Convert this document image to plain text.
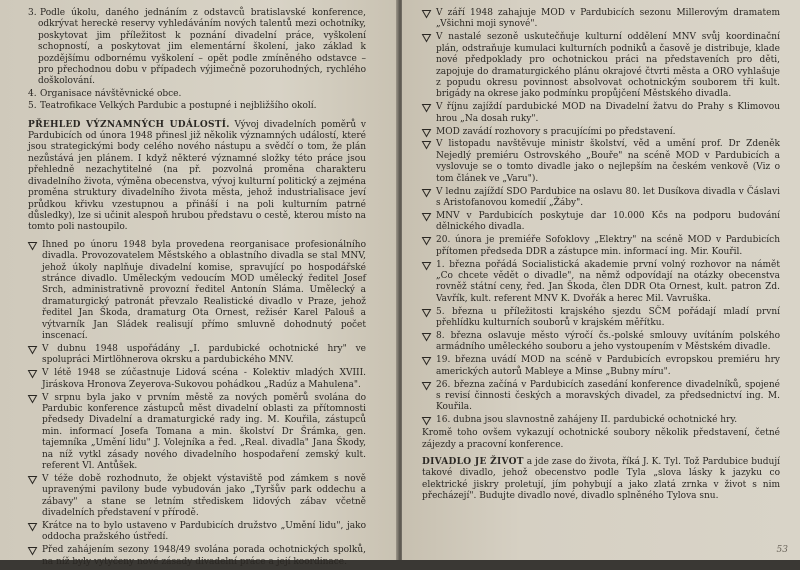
3. Podle úkolu, daného jednáním z odstavců bratislavské konference, odkrývat hereckė reservy vyhledáváním nových talentů mezi ochotníky, poskytovat jim příležitost k poznání divadelní práce, vyškolení schopností, a poskytovat jim elementární školení, jako základ k pozdějšímu odbornému vyškolení – opět podle zmíněného odstavce – pro přechodnou dobu v případech výjimečně pozoruhodných, rychlého doškolování.

4. Organisace návštěvnické obce.

5. Teatrofikace Velkých Pardubic a postupné i nejbližšího okolí.

PŘEHLED VÝZNAMNÝCH UDÁLOSTÍ. Vývoj divadelních poměrů v Pardubicích od února 1948 přinesl již několik významných událostí, které jsou strategickými body celého nového nástupu a svědčí o tom, že plán nezůstává jen plánem. I když některé významné složky této práce jsou přehledně nezachytitelné (na př. pozvolná proměna charakteru divadelního života, výměna obecenstva, vývoj kulturní politický a zejména proměna struktury divadelního života města, jehož industrialisace jeví průdkou křivku vzestupnou a přináší i na poli kulturním patrné důsledky), lze si učinit alespoň hrubou představu o cestě, kterou místo na tomto poli nastoupilo.

Ihned po únoru 1948 byla provedena reorganisace profesionálního divadla. Provozovatelem Městského a oblastního divadla se stal MNV, jehož úkoly naplňuje divadelní komise, spravující po hospodářské stránce divadlo. Uměleckým vedoucím MOD umělecký ředitel Josef Srch, administrativně provozní ředitel Antonín Sláma. Umělecký a dramaturgický patronát převzalo Realistické divadlo v Praze, jehož ředitel Jan Škoda, dramaturg Ota Ornest, režisér Karel Palouš a výtvarník Jan Sládek realisují přímo smluvně dohodnutý počet inscenací.
V dubnu 1948 uspořádány „I. pardubické ochotnické hry" ve spolupráci Mirtlöhnerova okrsku a pardubického MNV.
V létě 1948 se zúčastnuje Lidová scéna - Kolektiv mladých XVIII. Jiráskova Hronova Zeyerova-Sukovou pohádkou „Radúz a Mahulena".
V srpnu byla jako v prvním městě za nových poměrů svolána do Pardubic konference zástupců měst divadelní oblasti za přítomnosti předsedy Divadelní a dramaturgické rady ing. M. Kouřila, zástupců min. informací Josefa Tomana a min. školství Dr Šrámka, gen. tajemníka „Umění lidu" J. Volejníka a řed. „Real. divadla" Jana Škody, na níž vytkl zásady nového divadelního hospodaření zemský kult. referent Vl. Antůšek.
V téže době rozhodnuto, že objekt výstaviště pod zámkem s nově upravenými pavilony bude vybudován jako „Tyršův park oddechu a zábavy" a stane se letním střediskem lidových zábav včetně divadelních představení v přírodě.
Krátce na to bylo ustaveno v Pardubicích družstvo „Umění lidu", jako oddocha pražského ústředí.
Před zahájením sezony 1948/49 svolána porada ochotnických spolků, na níž byly vytyčeny nové zásady divadelní práce a její koordinace.
V září 1948 zahajuje MOD v Pardubicích sezonu Millerovým dramatem „Všichni moji synové".
V nastalé sezoně uskutečňuje kulturní oddělení MNV svůj koordinační plán, odstraňuje kumulaci kulturních podniků a časově je distribuje, klade nové předpoklady pro ochotnickou práci na představeních pro děti, zapojuje do dramaturgického plánu okrajové čtvrti města a ORO vyhlašuje z popudu okresu povinnost absolvovat ochotnickým souborem tři kult. brigády na okrese jako podmínku propůjčení Městského divadla.
V říjnu zajíždí pardubické MOD na Divadelní žatvu do Prahy s Klimovou hrou „Na dosah ruky".
MOD zavádí rozhovory s pracujícími po představení.
V listopadu navštěvuje ministr školství, věd a umění prof. Dr Zdeněk Nejedlý premiéru Ostrovského „Bouře" na scéně MOD v Pardubicích a vyslovuje se o tomto divadle jako o nejlepším na českém venkově (Viz o tom článek ve „Varu").
V lednu zajíždí SDO Pardubice na oslavu 80. let Dusíkova divadla v Čáslavi s Aristofanovou komedií „Žáby".
MNV v Pardubicích poskytuje dar 10.000 Kčs na podporu budování dělnického divadla.
20. února je premiéře Sofoklovy „Elektry" na scéně MOD v Pardubicích přítomen předseda DDR a zástupce min. informací ing. Mir. Kouřil.
1. března pořádá Socialistická akademie první volný rozhovor na námět „Co chcete vědět o divadle", na němž odpovídají na otázky obecenstva rovněž státní ceny, řed. Jan Škoda, člen DDR Ota Ornest, kult. patron Zd. Vavřík, kult. referent MNV K. Dvořák a herec Mil. Vavruška.
5. března u příležitosti krajského sjezdu SČM pořádají mladí první přehlídku kulturních souborů v krajském měřítku.
8. března oslavuje město výročí čs.-polské smlouvy uvítáním polského armádního uměleckého souboru a jeho vystoupením v Městském divadle.
19. března uvádí MOD na scéně v Pardubicích evropskou premiéru hry amerických autorů Mableye a Minse „Bubny míru".
26. března začíná v Pardubicích zasedání konference divadelníků, spojené s revisí činnosti českých a moravských divadel, za předsednictví ing. M. Kouřila.
16. dubna jsou slavnostně zahájeny II. pardubické ochotnické hry.

Kromě toho ovšem vykazují ochotnické soubory několik představení, četné zájezdy a pracovní konference.

DIVADLO JE ŽIVOT a jde zase do života, říká J. K. Tyl. Tož Pardubice budují takové divadlo, jehož obecenstvo podle Tyla „slova lásky k jazyku co elektrické jiskry proletují, jím pohybují a jako zlatá zrnka v život s nim přecházejí". Budujte divadlo nové, divadlo splněného Tylova snu.

53
